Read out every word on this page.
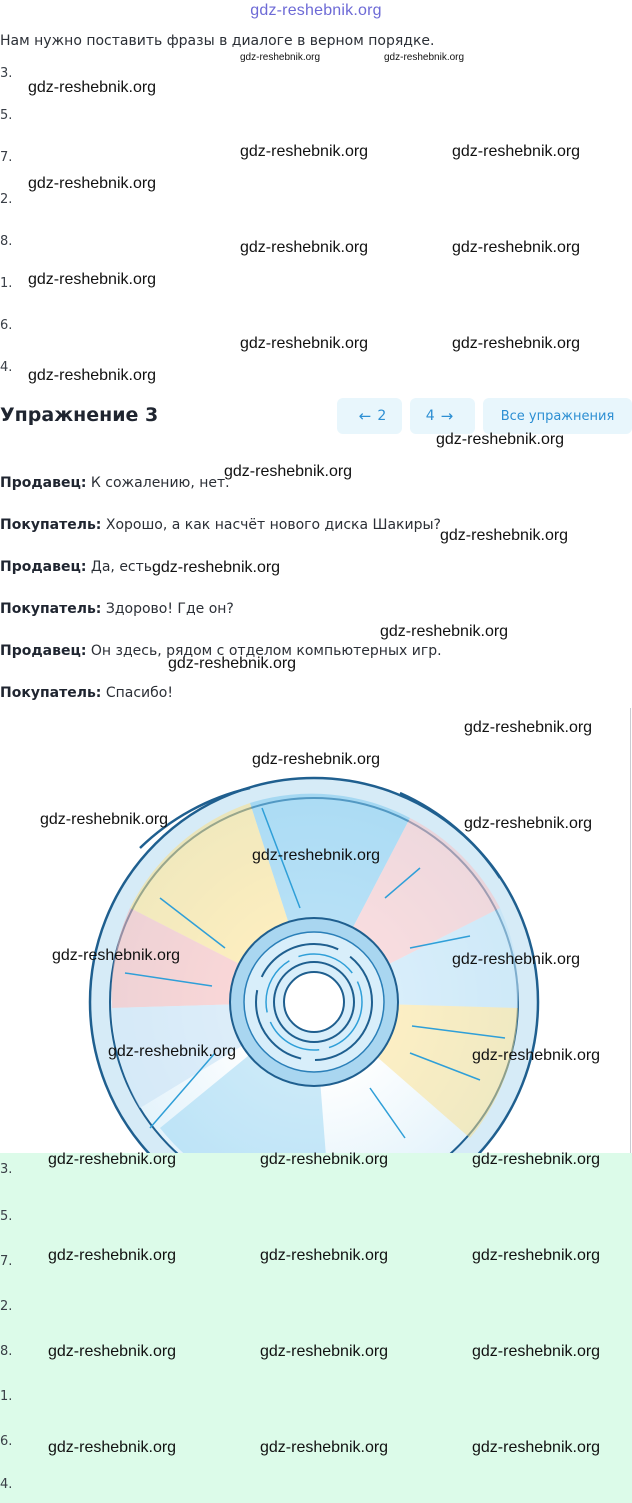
gdz-reshebnik.org
Нам нужно поставить фразы в диалоге в верном порядке.
gdz-reshebnik.org	gdz-reshebnik.org
3.
5.
7.
2.
8.
1.
6.
4.
gdz-reshebnik.org
gdz-reshebnik.org	gdz-reshebnik.org
gdz-reshebnik.org
gdz-reshebnik.org	gdz-reshebnik.org
gdz-reshebnik.org
gdz-reshebnik.org	gdz-reshebnik.org
gdz-reshebnik.org
Упражнение 3	← 2	4 →	Все упражнения
Продавец: К сожалению, нет.
Покупатель: Хорошо, а как насчёт нового диска Шакиры?
Продавец: Да, есть.
Покупатель: Здорово! Где он?
Продавец: Он здесь, рядом с отделом компьютерных игр.
Покупатель: Спасибо!
gdz-reshebnik.org
gdz-reshebnik.org
gdz-reshebnik.org
gdz-reshebnik.org
gdz-reshebnik.org
gdz-reshebnik.org
gdz-reshebnik.org
gdz-reshebnik.org
gdz-reshebnik.org	gdz-reshebnik.org
gdz-reshebnik.org
gdz-reshebnik.org	gdz-reshebnik.org
gdz-reshebnik.org	gdz-reshebnik.org
3.
5.
7.
2.
8.
1.
6.
4.
gdz-reshebnik.org	gdz-reshebnik.org	gdz-reshebnik.org
gdz-reshebnik.org	gdz-reshebnik.org	gdz-reshebnik.org
gdz-reshebnik.org	gdz-reshebnik.org	gdz-reshebnik.org
gdz-reshebnik.org	gdz-reshebnik.org	gdz-reshebnik.org
